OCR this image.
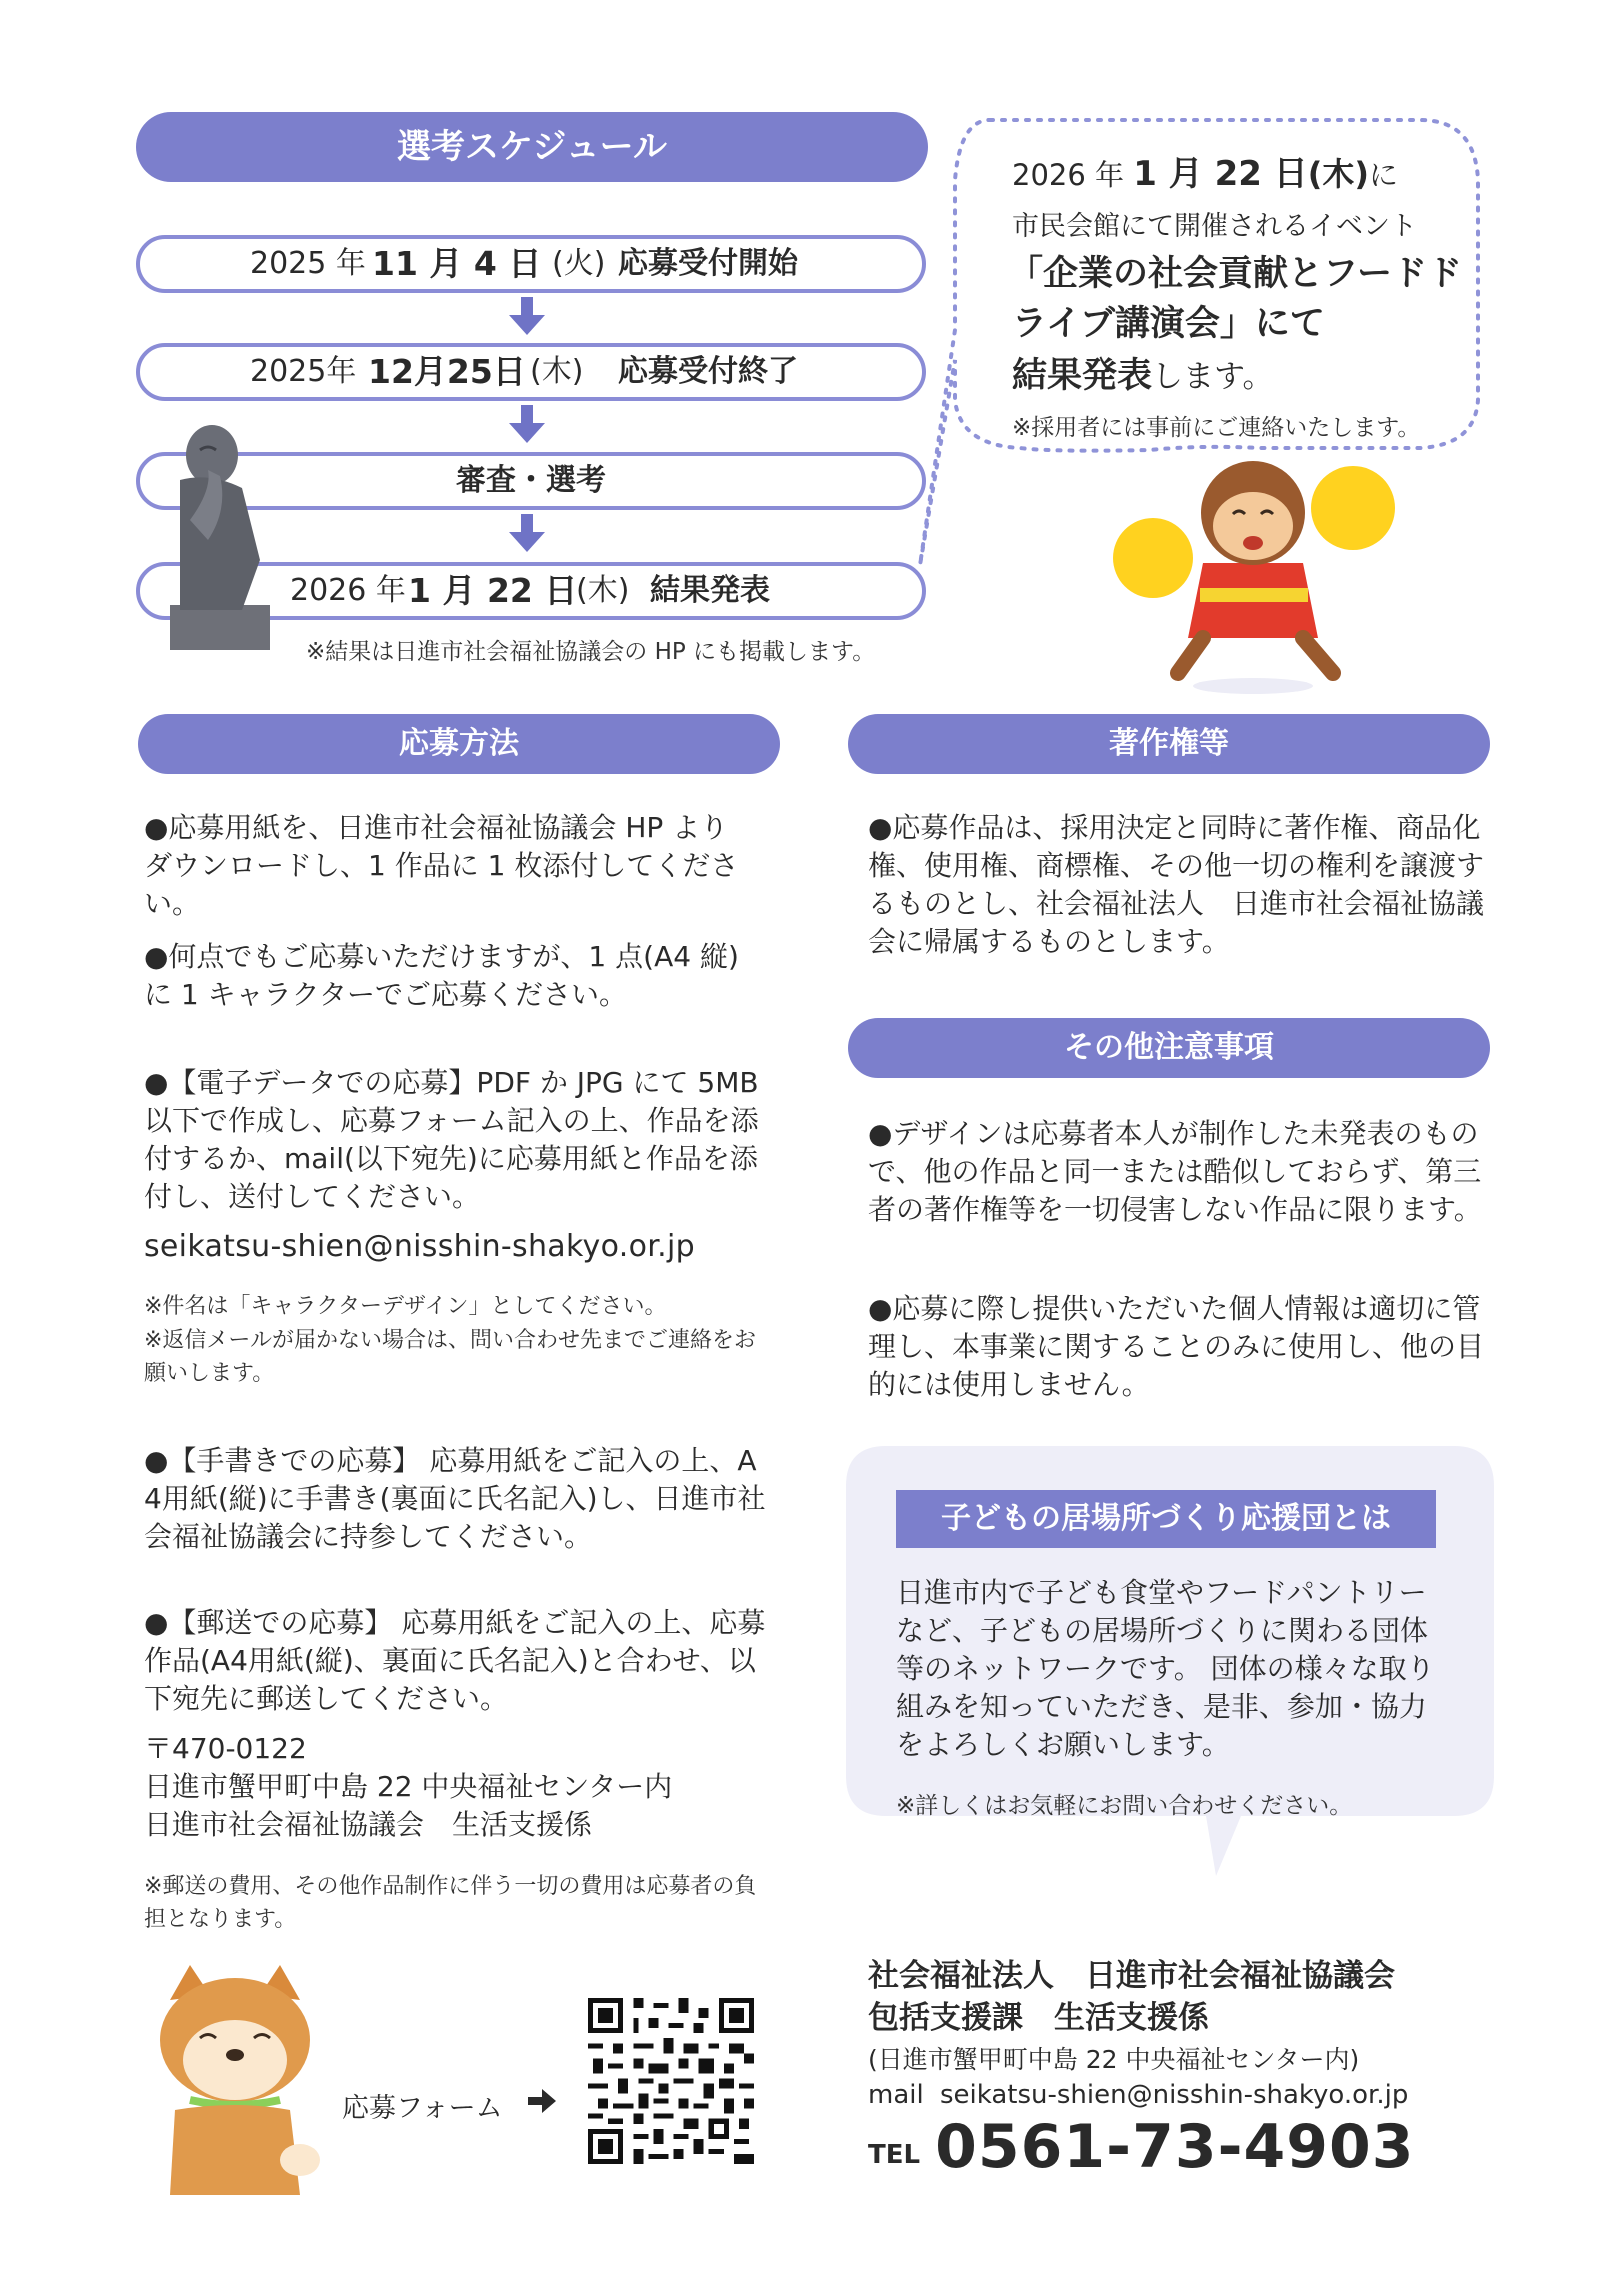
選考スケジュール
2025 年 11 月 4 日 (火) 応募受付開始
2025年 12月25日 (木) 応募受付終了
審査・選考
2026 年 1 月 22 日
(木) 結果発表
※結果は日進市社会福祉協議会の HP にも掲載します。
2026 年 1 月 22 日(木)に
市民会館にて開催されるイベント
「企業の社会貢献とフードド
ライブ講演会」にて
結果発表します。
※採用者には事前にご連絡いたします。
応募方法
●応募用紙を、日進市社会福祉協議会 HP より ダウンロードし、1 作品に 1 枚添付してください。
●何点でもご応募いただけますが、1 点(A4 縦) に 1 キャラクターでご応募ください。
●【電子データでの応募】PDF か JPG にて 5MB 以下で作成し、応募フォーム記入の上、作品を添付するか、mail(以下宛先)に応募用紙と作品を添付し、送付してください。
seikatsu-shien@nisshin-shakyo.or.jp
※件名は「キャラクターデザイン」としてください。
※返信メールが届かない場合は、問い合わせ先までご連絡をお願いします。
●【手書きでの応募】 応募用紙をご記入の上、A 4用紙(縦)に手書き(裏面に氏名記入)し、日進市社会福祉協議会に持参してください。
●【郵送での応募】 応募用紙をご記入の上、応募作品(A4用紙(縦)、裏面に氏名記入)と合わせ、以下宛先に郵送してください。
〒470-0122
日進市蟹甲町中島 22 中央福祉センター内
日進市社会福祉協議会　生活支援係
※郵送の費用、その他作品制作に伴う一切の費用は応募者の負担となります。
応募フォーム
著作権等
●応募作品は、採用決定と同時に著作権、商品化権、使用権、商標権、その他一切の権利を譲渡するものとし、社会福祉法人　日進市社会福祉協議会に帰属するものとします。
その他注意事項
●デザインは応募者本人が制作した未発表のもので、他の作品と同一または酷似しておらず、第三者の著作権等を一切侵害しない作品に限ります。
●応募に際し提供いただいた個人情報は適切に管理し、本事業に関することのみに使用し、他の目的には使用しません。
子どもの居場所づくり応援団とは
日進市内で子ども食堂やフードパントリーなど、子どもの居場所づくりに関わる団体等のネットワークです。 団体の様々な取り組みを知っていただき、是非、参加・協力をよろしくお願いします。
※詳しくはお気軽にお問い合わせください。
社会福祉法人　日進市社会福祉協議会
包括支援課　生活支援係
(日進市蟹甲町中島 22 中央福祉センター内)
mail seikatsu-shien@nisshin-shakyo.or.jp
TEL 0561-73-4903
